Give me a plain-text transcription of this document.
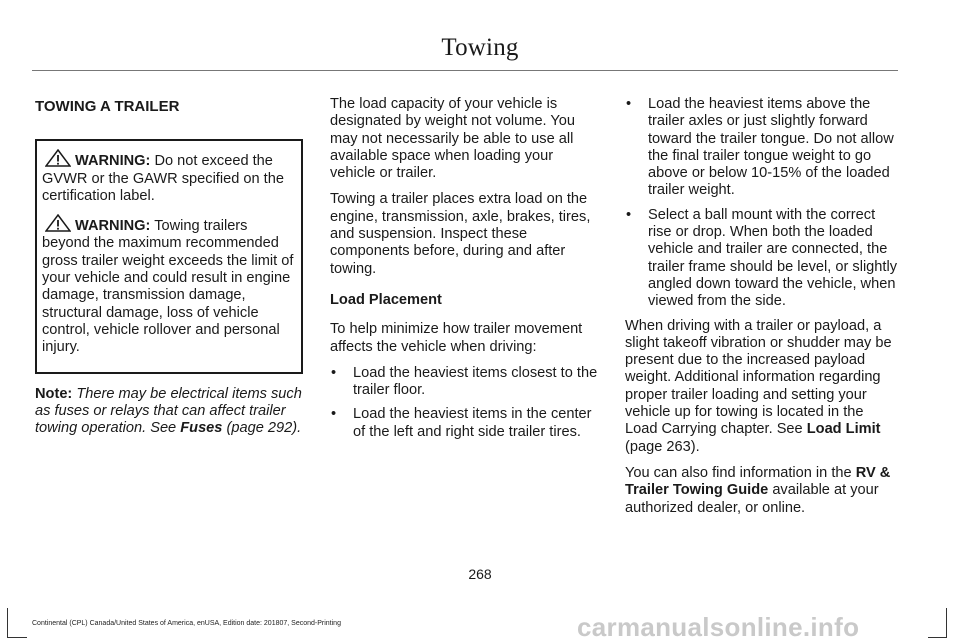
Towing
TOWING A TRAILER

WARNING: Do not exceed the GVWR or the GAWR specified on the certification label.

WARNING: Towing trailers beyond the maximum recommended gross trailer weight exceeds the limit of your vehicle and could result in engine damage, transmission damage, structural damage, loss of vehicle control, vehicle rollover and personal injury.

Note: There may be electrical items such as fuses or relays that can affect trailer towing operation. See Fuses (page 292).

The load capacity of your vehicle is designated by weight not volume. You may not necessarily be able to use all available space when loading your vehicle or trailer.

Towing a trailer places extra load on the engine, transmission, axle, brakes, tires, and suspension. Inspect these components before, during and after towing.

Load Placement

To help minimize how trailer movement affects the vehicle when driving:

• Load the heaviest items closest to the trailer floor.
• Load the heaviest items in the center of the left and right side trailer tires.
• Load the heaviest items above the trailer axles or just slightly forward toward the trailer tongue. Do not allow the final trailer tongue weight to go above or below 10-15% of the loaded trailer weight.
• Select a ball mount with the correct rise or drop. When both the loaded vehicle and trailer are connected, the trailer frame should be level, or slightly angled down toward the vehicle, when viewed from the side.

When driving with a trailer or payload, a slight takeoff vibration or shudder may be present due to the increased payload weight. Additional information regarding proper trailer loading and setting your vehicle up for towing is located in the Load Carrying chapter. See Load Limit (page 263).

You can also find information in the RV & Trailer Towing Guide available at your authorized dealer, or online.

268
Continental (CPL) Canada/United States of America, enUSA, Edition date: 201807, Second-Printing	carmanualsonline.info
